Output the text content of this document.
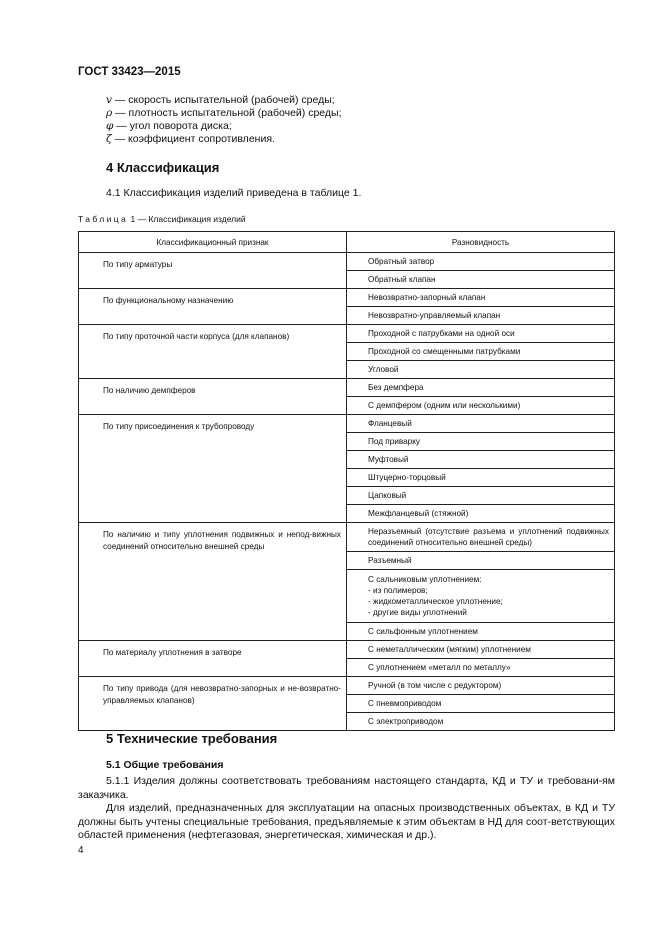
ГОСТ 33423—2015
v — скорость испытательной (рабочей) среды;
ρ — плотность испытательной (рабочей) среды;
φ — угол поворота диска;
ζ — коэффициент сопротивления.
4 Классификация
4.1 Классификация изделий приведена в таблице 1.
Таблица 1 — Классификация изделий
Классификационный признак	Разновидность

По типу арматуры	Обратный затвор
	Обратный клапан

По функциональному назначению	Невозвратно-запорный клапан
	Невозвратно-управляемый клапан

По типу проточной части корпуса (для клапанов)	Проходной с патрубками на одной оси
	Проходной со смещенными патрубками
	Угловой

По наличию демпферов	Без демпфера
	С демпфером (одним или несколькими)

По типу присоединения к трубопроводу	Фланцевый
	Под приварку
	Муфтовый
	Штуцерно-торцовый
	Цапковый
	Межфланцевый (стяжной)

По наличию и типу уплотнения подвижных и непод-вижных соединений относительно внешней среды	Неразъемный (отсутствие разъема и уплотнений подвижных соединений относительно внешней среды)
	Разъемный
	С сальниковым уплотнением:
- из полимеров;
- жидкометаллическое уплотнение;
- другие виды уплотнений
	С сильфонным уплотнением

По материалу уплотнения в затворе	С неметаллическим (мягким) уплотнением
	С уплотнением «металл по металлу»

По типу привода (для невозвратно-запорных и не-возвратно-управляемых клапанов)	Ручной (в том числе с редуктором)
	С пневмоприводом
	С электроприводом
5 Технические требования
5.1 Общие требования
5.1.1 Изделия должны соответствовать требованиям настоящего стандарта, КД и ТУ и требовани-ям заказчика.
Для изделий, предназначенных для эксплуатации на опасных производственных объектах, в КД и ТУ должны быть учтены специальные требования, предъявляемые к этим объектам в НД для соот-ветствующих областей применения (нефтегазовая, энергетическая, химическая и др.).
4
